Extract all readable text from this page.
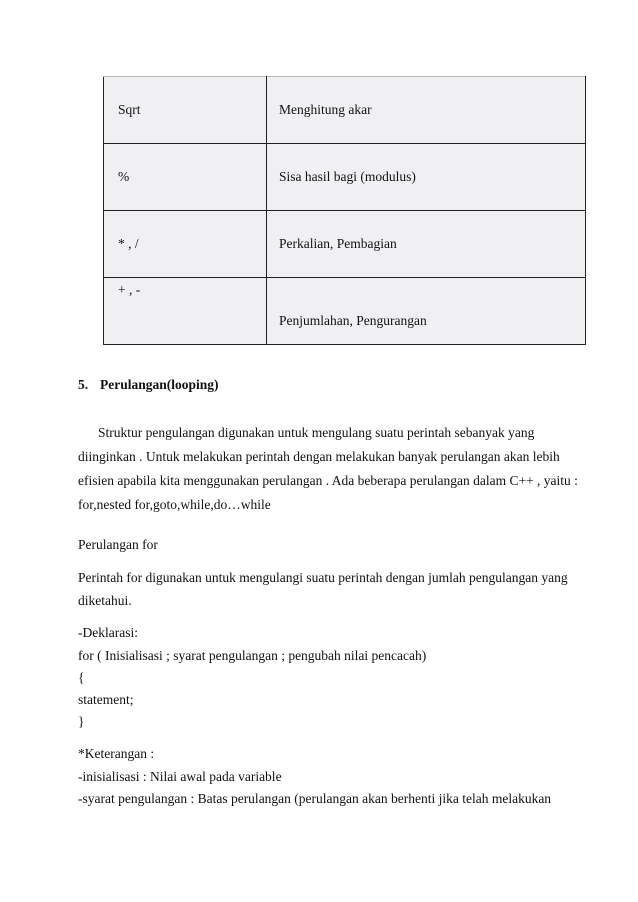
Sqrt	Menghitung akar
%	Sisa hasil bagi (modulus)
* , /	Perkalian, Pembagian
+ , -	Penjumlahan, Pengurangan
5. Perulangan(looping)
Struktur pengulangan digunakan untuk mengulang suatu perintah sebanyak yang
diinginkan . Untuk melakukan perintah dengan melakukan banyak perulangan akan lebih
efisien apabila kita menggunakan perulangan . Ada beberapa perulangan dalam C++ , yaitu :
for,nested for,goto,while,do…while
Perulangan for
Perintah for digunakan untuk mengulangi suatu perintah dengan jumlah pengulangan yang
diketahui.
-Deklarasi:
for ( Inisialisasi ; syarat pengulangan ; pengubah nilai pencacah)
{
statement;
}
*Keterangan :
-inisialisasi : Nilai awal pada variable
-syarat pengulangan : Batas perulangan (perulangan akan berhenti jika telah melakukan
